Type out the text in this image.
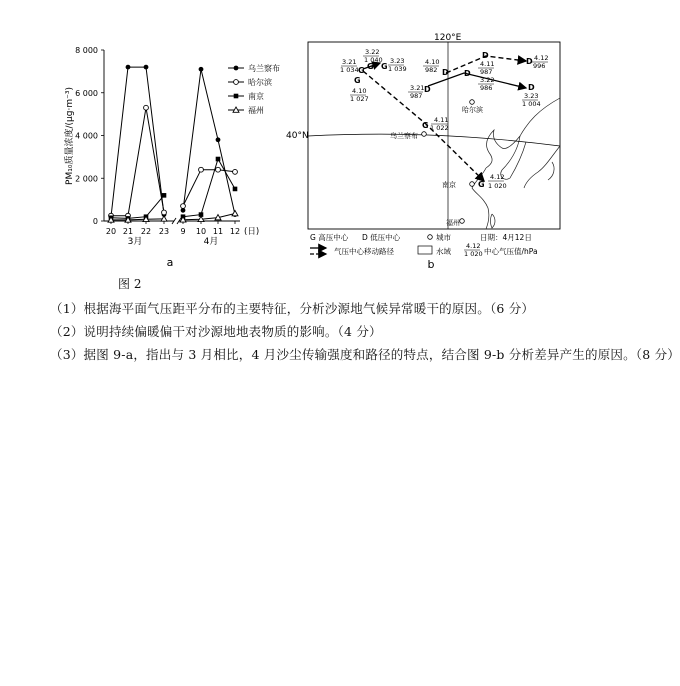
PM₁₀质量浓度/(μg·m⁻³)
0
2 000
4 000
6 000
8 000
20 21 22 23 9 10 11 12
3月	4月
(日)
a
乌兰察布
哈尔滨
南京
福州
120°E
40°N
3.21
1 034 G
3.22
1 040
G G
3.23
1 039
G
4.10
1 027
G
4.11
1 022
G
4.12
1 020
3.21
987
D
D
3.22
986	D
3.23
1 004
4.10
982 D
D
4.11
987
D 4.12
996
乌兰察布
哈尔滨
南京
福州
G 高压中心 D 低压中心	城市	日期：4月12日
气压中心移动路径	水域
4.12
1 020 中心气压值/hPa
b
图 2
（1）根据海平面气压距平分布的主要特征，分析沙源地气候异常暖干的原因。（6 分）
（2）说明持续偏暖偏干对沙源地地表物质的影响。（4 分）
（3）据图 9-a，指出与 3 月相比，4 月沙尘传输强度和路径的特点，结合图 9-b 分析差异产生的原因。（8 分）
